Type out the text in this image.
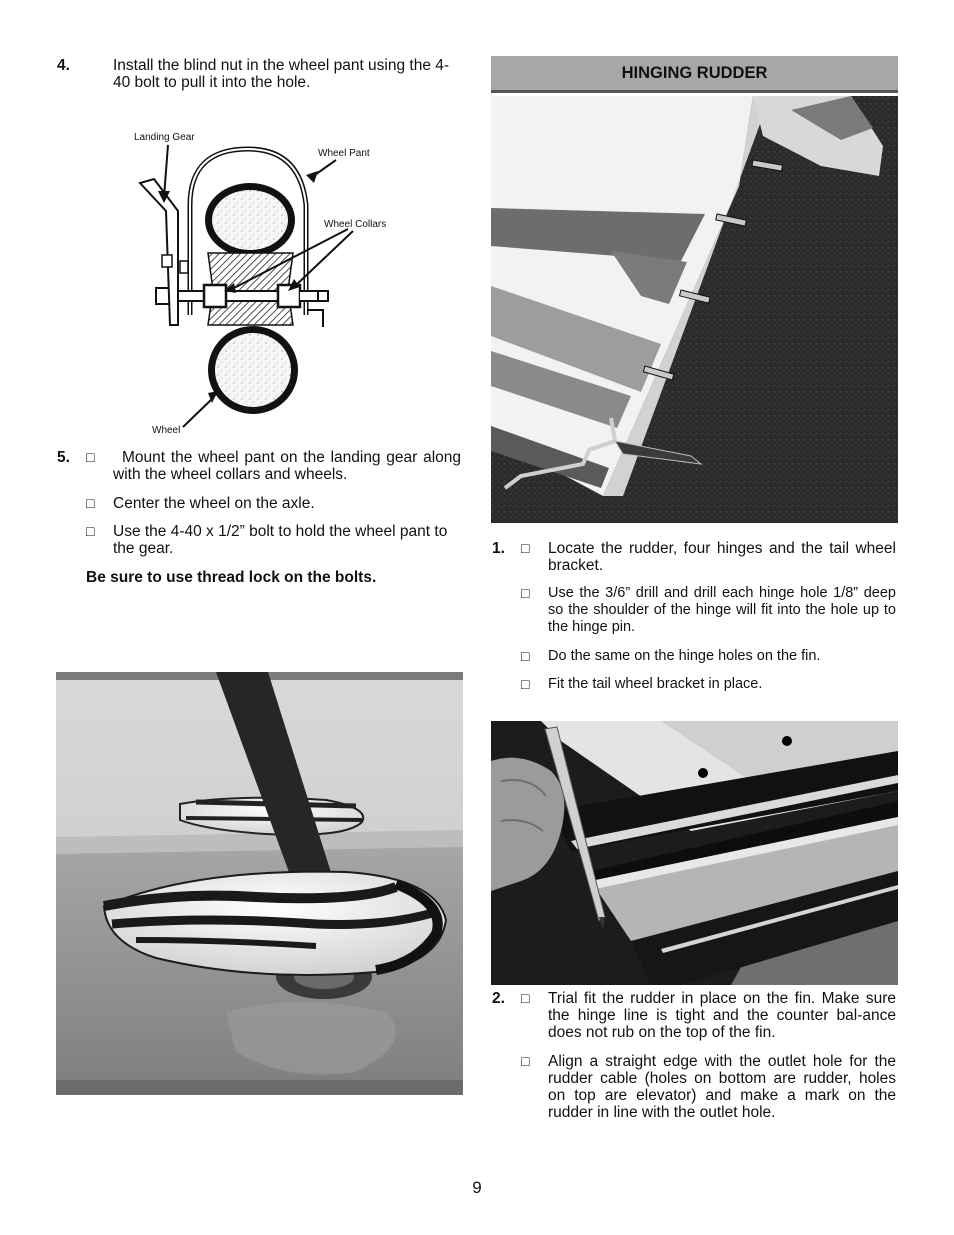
4.	Install the blind nut in the wheel pant using the 4-40 bolt to pull it into the hole.
Landing Gear
Wheel Pant
Wheel Collars
Wheel
5. □	Mount the wheel pant on the landing gear along with the wheel collars and wheels.
□ Center the wheel on the axle.
□ Use the 4-40 x 1/2” bolt to hold the wheel pant to the gear.
Be sure to use thread lock on the bolts.
HINGING RUDDER
1. □ Locate the rudder, four hinges and the tail wheel bracket.
□ Use the 3/6” drill and drill each hinge hole 1/8” deep so the shoulder of the hinge will fit into the hole up to the hinge pin.
□ Do the same on the hinge holes on the fin.
□ Fit the tail wheel bracket in place.
2. □ Trial fit the rudder in place on the fin. Make sure the hinge line is tight and the counter bal-ance does not rub on the top of the fin.
□ Align a straight edge with the outlet hole for the rudder cable (holes on bottom are rudder, holes on top are elevator) and make a mark on the rudder in line with the outlet hole.
9
